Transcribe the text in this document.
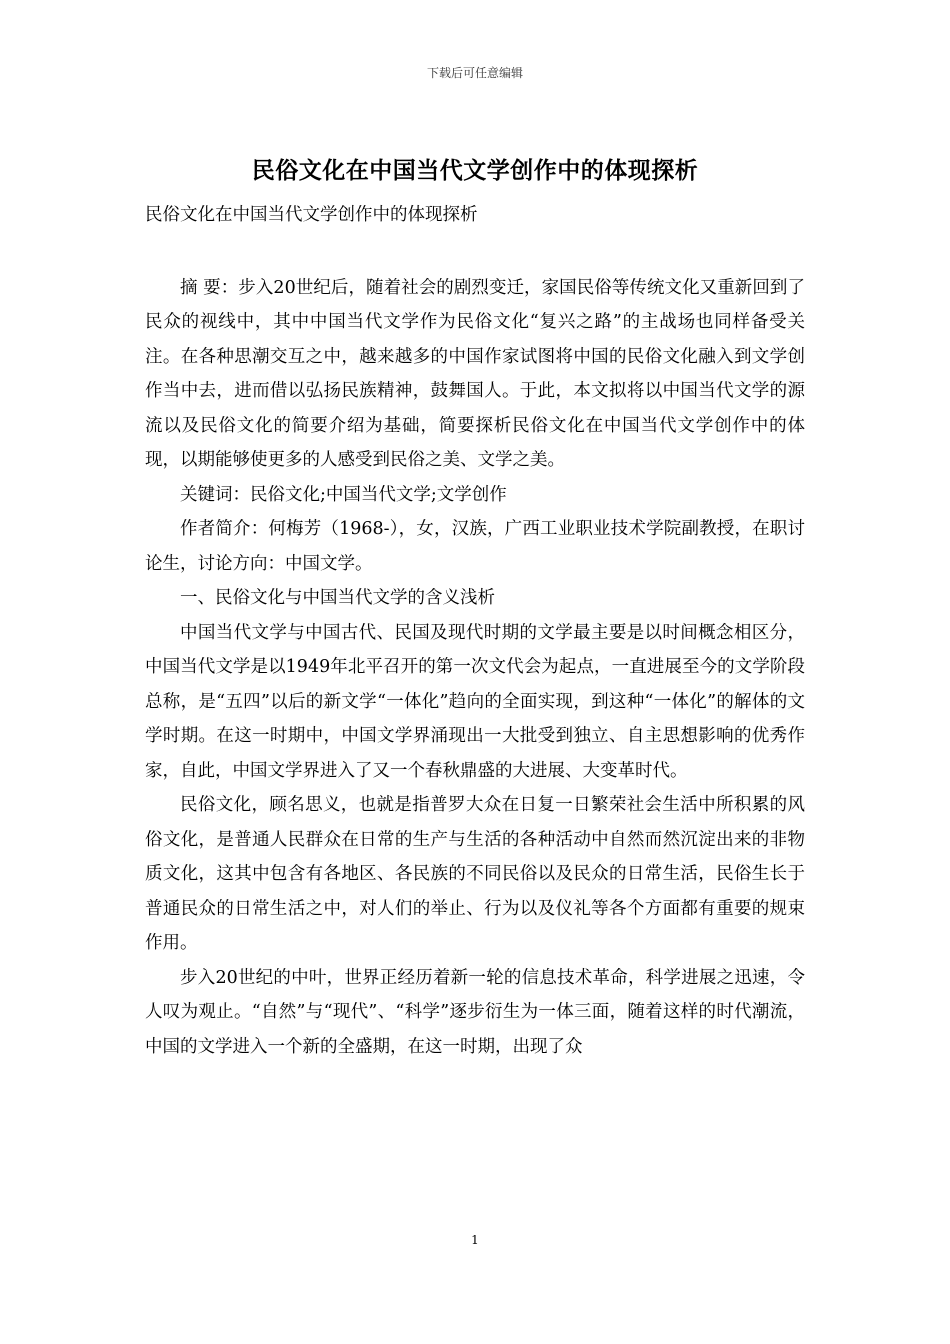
下载后可任意编辑
民俗文化在中国当代文学创作中的体现探析

民俗文化在中国当代文学创作中的体现探析

摘 要：步入20世纪后，随着社会的剧烈变迁，家国民俗等传统文化又重新回到了民众的视线中，其中中国当代文学作为民俗文化“复兴之路”的主战场也同样备受关注。在各种思潮交互之中，越来越多的中国作家试图将中国的民俗文化融入到文学创作当中去，进而借以弘扬民族精神，鼓舞国人。于此，本文拟将以中国当代文学的源流以及民俗文化的简要介绍为基础，简要探析民俗文化在中国当代文学创作中的体现，以期能够使更多的人感受到民俗之美、文学之美。

关键词：民俗文化;中国当代文学;文学创作

作者简介：何梅芳（1968-），女，汉族，广西工业职业技术学院副教授，在职讨论生，讨论方向：中国文学。

一、民俗文化与中国当代文学的含义浅析

中国当代文学与中国古代、民国及现代时期的文学最主要是以时间概念相区分，中国当代文学是以1949年北平召开的第一次文代会为起点，一直进展至今的文学阶段总称，是“五四”以后的新文学“一体化”趋向的全面实现，到这种“一体化”的解体的文学时期。在这一时期中，中国文学界涌现出一大批受到独立、自主思想影响的优秀作家，自此，中国文学界进入了又一个春秋鼎盛的大进展、大变革时代。

民俗文化，顾名思义，也就是指普罗大众在日复一日繁荣社会生活中所积累的风俗文化，是普通人民群众在日常的生产与生活的各种活动中自然而然沉淀出来的非物质文化，这其中包含有各地区、各民族的不同民俗以及民众的日常生活，民俗生长于普通民众的日常生活之中，对人们的举止、行为以及仪礼等各个方面都有重要的规束作用。

步入20世纪的中叶，世界正经历着新一轮的信息技术革命，科学进展之迅速，令人叹为观止。“自然”与“现代”、“科学”逐步衍生为一体三面，随着这样的时代潮流，中国的文学进入一个新的全盛期，在这一时期，出现了众

1
